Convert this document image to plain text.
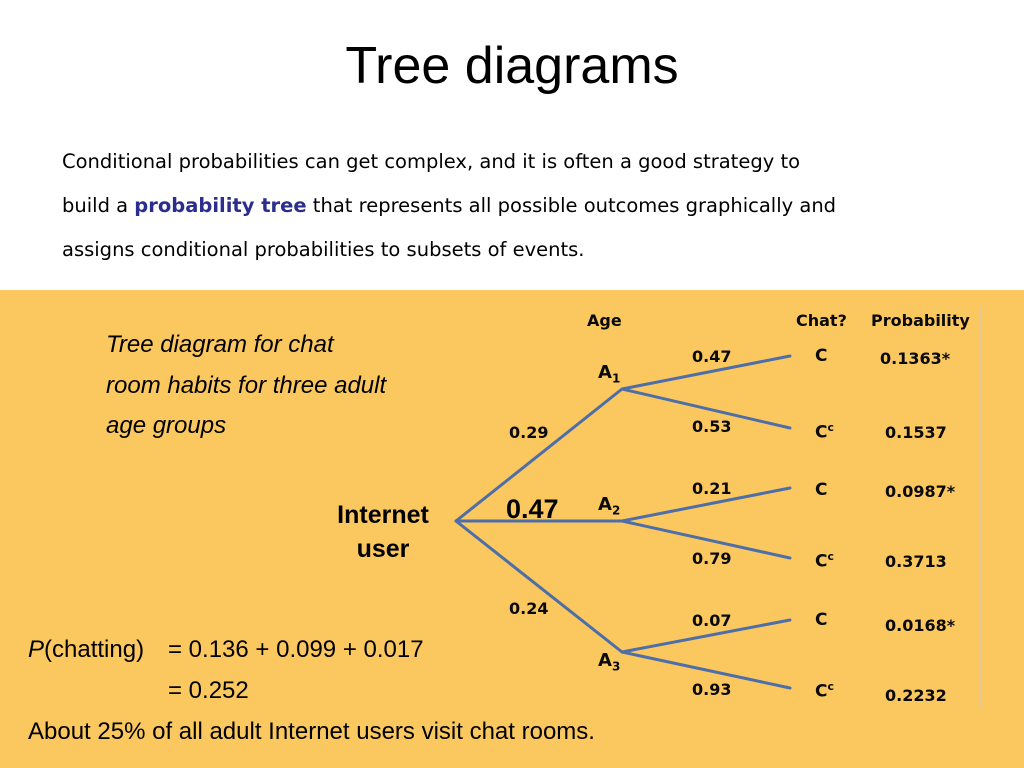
Tree diagrams
Conditional probabilities can get complex, and it is often a good strategy to
build a probability tree that represents all possible outcomes graphically and
assigns conditional probabilities to subsets of events.
Tree diagram for chat
room habits for three adult
age groups
Age	Chat? Probability
Internet
user
0.29
0.47
0.24
$A_1$
$A_2$
$A_3$
0.47
0.53
0.21
0.79
0.07
0.93
C
$C^c$
C
$C^c$
C
$C^c$
0.1363*
0.1537
0.0987*
0.3713
0.0168*
0.2232
P(chatting) = 0.136 + 0.099 + 0.017
= 0.252
About 25% of all adult Internet users visit chat rooms.
